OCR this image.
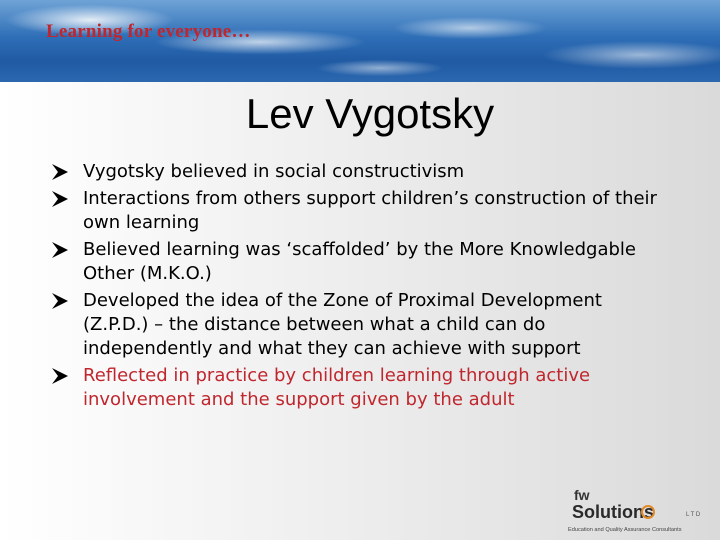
Learning for everyone…
Lev Vygotsky
Vygotsky believed in social constructivism
Interactions from others support children’s construction of their own learning
Believed learning was ‘scaffolded’ by the More Knowledgable Other (M.K.O.)
Developed the idea of the Zone of Proximal Development (Z.P.D.) – the distance between what a child can do independently and what they can achieve with support
Reflected in practice by children learning through active involvement and the support given by the adult
fw
Solutions	L T D
Education and Quality Assurance Consultants
